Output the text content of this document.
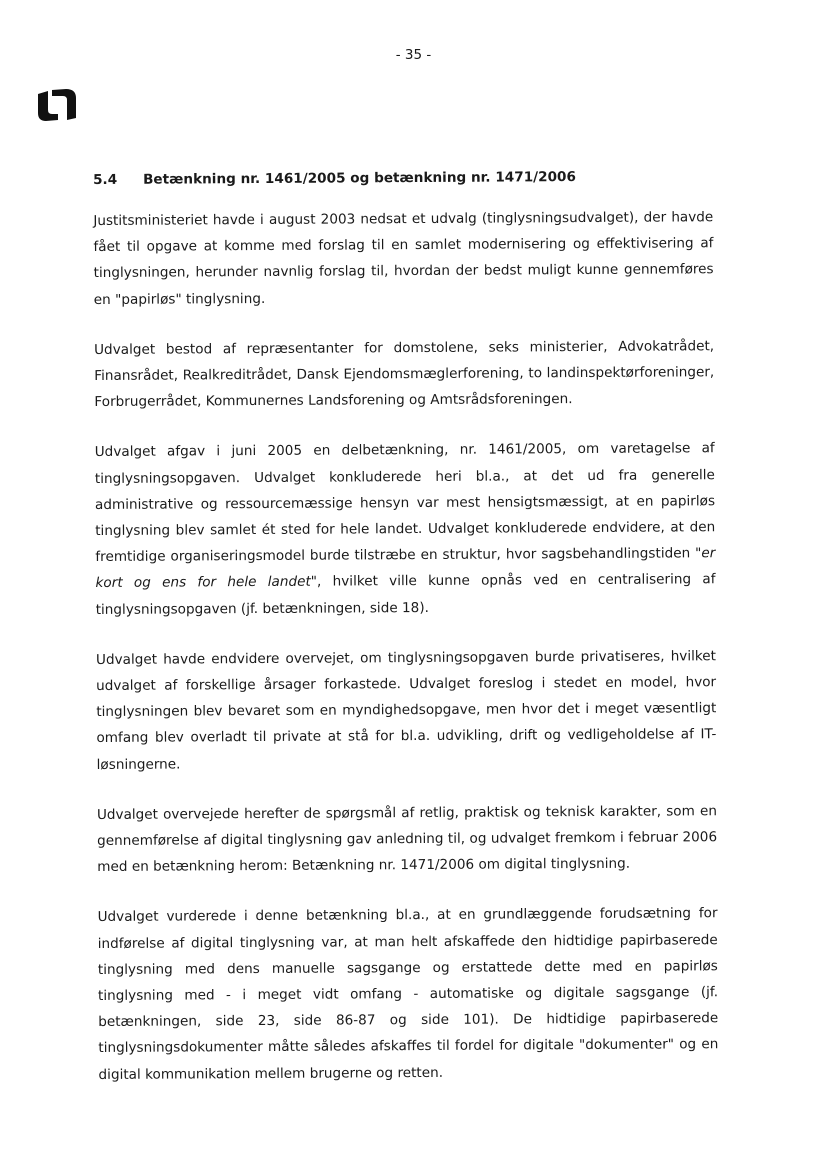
- 35 -
5.4	Betænkning nr. 1461/2005 og betænkning nr. 1471/2006

Justitsministeriet havde i august 2003 nedsat et udvalg (tinglysningsudvalget), der havde fået til opgave at komme med forslag til en samlet modernisering og effektivisering af tinglysningen, herunder navnlig forslag til, hvordan der bedst muligt kunne gennemføres en "papirløs" tinglysning.

Udvalget bestod af repræsentanter for domstolene, seks ministerier, Advokatrådet, Finansrådet, Realkreditrådet, Dansk Ejendomsmæglerforening, to landinspektørforeninger, Forbrugerrådet, Kommunernes Landsforening og Amtsrådsforeningen.

Udvalget afgav i juni 2005 en delbetænkning, nr. 1461/2005, om varetagelse af tinglysningsopgaven. Udvalget konkluderede heri bl.a., at det ud fra generelle administrative og ressourcemæssige hensyn var mest hensigtsmæssigt, at en papirløs tinglysning blev samlet ét sted for hele landet. Udvalget konkluderede endvidere, at den fremtidige organiseringsmodel burde tilstræbe en struktur, hvor sagsbehandlingstiden "er kort og ens for hele landet", hvilket ville kunne opnås ved en centralisering af tinglysningsopgaven (jf. betænkningen, side 18).

Udvalget havde endvidere overvejet, om tinglysningsopgaven burde privatiseres, hvilket udvalget af forskellige årsager forkastede. Udvalget foreslog i stedet en model, hvor tinglysningen blev bevaret som en myndighedsopgave, men hvor det i meget væsentligt omfang blev overladt til private at stå for bl.a. udvikling, drift og vedligeholdelse af IT-løsningerne.

Udvalget overvejede herefter de spørgsmål af retlig, praktisk og teknisk karakter, som en gennemførelse af digital tinglysning gav anledning til, og udvalget fremkom i februar 2006 med en betænkning herom: Betænkning nr. 1471/2006 om digital tinglysning.

Udvalget vurderede i denne betænkning bl.a., at en grundlæggende forudsætning for indførelse af digital tinglysning var, at man helt afskaffede den hidtidige papirbaserede tinglysning med dens manuelle sagsgange og erstattede dette med en papirløs tinglysning med - i meget vidt omfang - automatiske og digitale sagsgange (jf. betænkningen, side 23, side 86-87 og side 101). De hidtidige papirbaserede tinglysningsdokumenter måtte således afskaffes til fordel for digitale "dokumenter" og en digital kommunikation mellem brugerne og retten.
